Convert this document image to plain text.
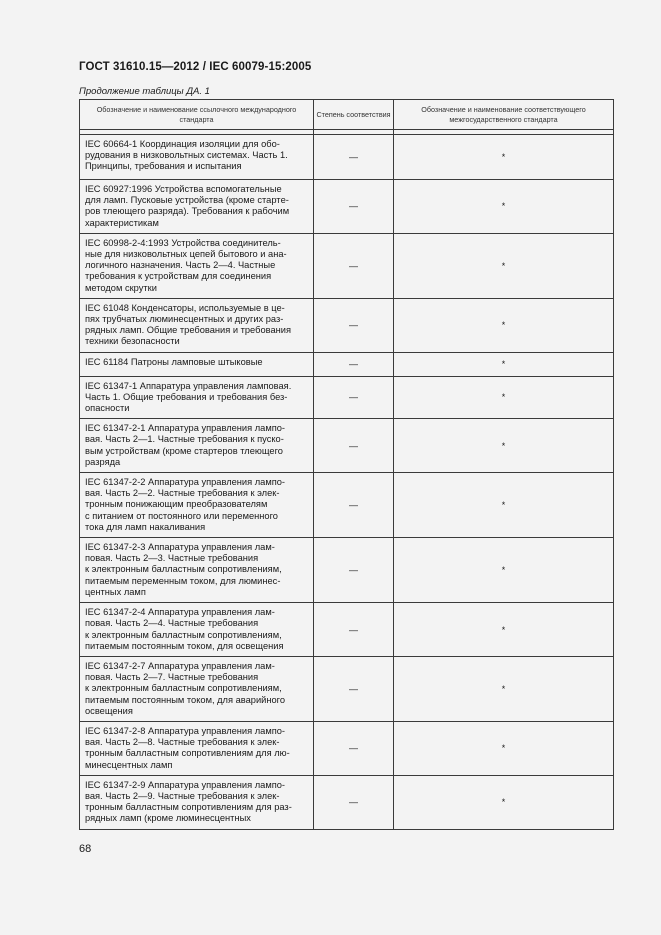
ГОСТ 31610.15—2012 / IEC 60079-15:2005
Продолжение таблицы ДА. 1
Обозначение и наименование ссылочного международного стандарта	Степень соответствия	Обозначение и наименование соответствующего межгосударственного стандарта

IEC 60664-1 Координация изоляции для обо-
рудования в низковольтных системах. Часть 1.
Принципы, требования и испытания	—	*

IEC 60927:1996 Устройства вспомогательные
для ламп. Пусковые устройства (кроме стартe-
ров тлеющего разряда). Требования к рабочим
характеристикам	—	*

IEC 60998-2-4:1993 Устройства соединитель-
ные для низковольтных цепей бытового и ана-
логичного назначения. Часть 2—4. Частные
требования к устройствам для соединения
методом скрутки	—	*

IEC 61048 Конденсаторы, используемые в це-
пях трубчатых люминесцентных и других раз-
рядных ламп. Общие требования и требования
техники безопасности	—	*

IEC 61184 Патроны ламповые штыковые	—	*

IEC 61347-1 Аппаратура управления ламповая.
Часть 1. Общие требования и требования без-
опасности	—	*

IEC 61347-2-1 Аппаратура управления лампо-
вая. Часть 2—1. Частные требования к пуско-
вым устройствам (кроме стартеров тлеющего
разряда	—	*

IEC 61347-2-2 Аппаратура управления лампо-
вая. Часть 2—2. Частные требования к элек-
тронным понижающим преобразователям
с питанием от постоянного или переменного
тока для ламп накаливания	—	*

IEC 61347-2-3 Аппаратура управления лам-
повая. Часть 2—3. Частные требования
к электронным балластным сопротивлениям,
питаемым переменным током, для люминес-
центных ламп	—	*

IEC 61347-2-4 Аппаратура управления лам-
повая. Часть 2—4. Частные требования
к электронным балластным сопротивлениям,
питаемым постоянным током, для освещения	—	*

IEC 61347-2-7 Аппаратура управления лам-
повая. Часть 2—7. Частные требования
к электронным балластным сопротивлениям,
питаемым постоянным током, для аварийного
освещения	—	*

IEC 61347-2-8 Аппаратура управления лампо-
вая. Часть 2—8. Частные требования к элек-
тронным балластным сопротивлениям для лю-
минесцентных ламп	—	*

IEC 61347-2-9 Аппаратура управления лампо-
вая. Часть 2—9. Частные требования к элек-
тронным балластным сопротивлениям для раз-
рядных ламп (кроме люминесцентных	—	*
68
